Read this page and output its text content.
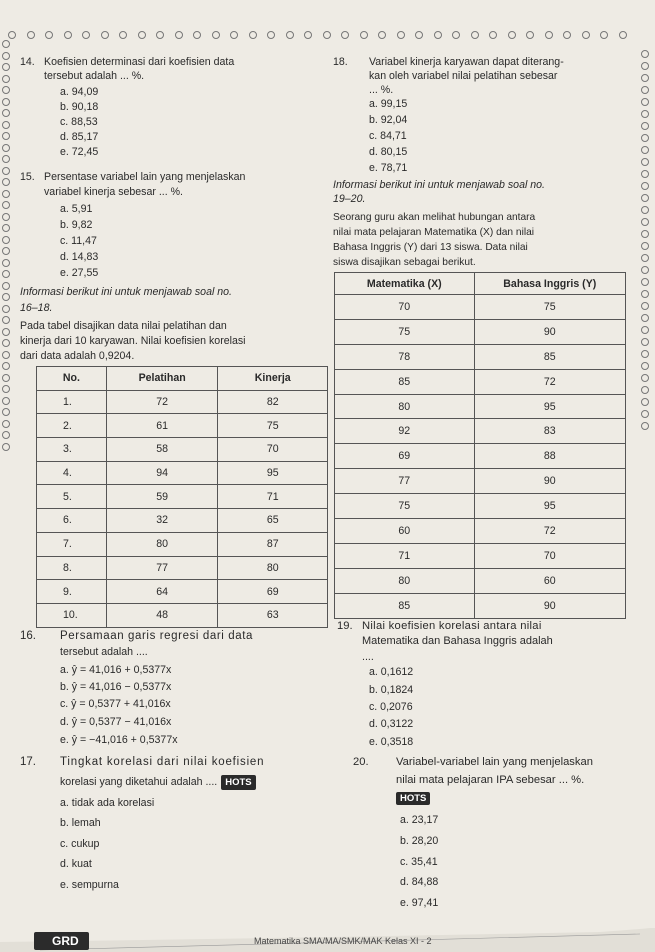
14. Koefisien determinasi dari koefisien data
tersebut adalah ... %.
a. 94,09
b. 90,18
c. 88,53
d. 85,17
e. 72,45
15. Persentase variabel lain yang menjelaskan
variabel kinerja sebesar ... %.
a. 5,91
b. 9,82
c. 11,47
d. 14,83
e. 27,55
Informasi berikut ini untuk menjawab soal no.
16–18.
Pada tabel disajikan data nilai pelatihan dan
kinerja dari 10 karyawan. Nilai koefisien korelasi
dari data adalah 0,9204.
No.	Pelatihan	Kinerja
1.	72	82
2.	61	75
3.	58	70
4.	94	95
5.	59	71
6.	32	65
7.	80	87
8.	77	80
9.	64	69
10.	48	63
16. Persamaan garis regresi dari data
tersebut adalah ....
a. ŷ = 41,016 + 0,5377x
b. ŷ = 41,016 − 0,5377x
c. ŷ = 0,5377 + 41,016x
d. ŷ = 0,5377 − 41,016x
e. ŷ = −41,016 + 0,5377x
17. Tingkat korelasi dari nilai koefisien
korelasi yang diketahui adalah .... HOTS
a. tidak ada korelasi
b. lemah
c. cukup
d. kuat
e. sempurna
18. Variabel kinerja karyawan dapat diterang-
kan oleh variabel nilai pelatihan sebesar
... %.
a. 99,15
b. 92,04
c. 84,71
d. 80,15
e. 78,71
Informasi berikut ini untuk menjawab soal no.
19–20.
Seorang guru akan melihat hubungan antara
nilai mata pelajaran Matematika (X) dan nilai
Bahasa Inggris (Y) dari 13 siswa. Data nilai
siswa disajikan sebagai berikut.
Matematika (X)	Bahasa Inggris (Y)
70	75
75	90
78	85
85	72
80	95
92	83
69	88
77	90
75	95
60	72
71	70
80	60
85	90
19. Nilai koefisien korelasi antara nilai
Matematika dan Bahasa Inggris adalah
....
a. 0,1612
b. 0,1824
c. 0,2076
d. 0,3122
e. 0,3518
20. Variabel-variabel lain yang menjelaskan
nilai mata pelajaran IPA sebesar ... %.
HOTS
a. 23,17
b. 28,20
c. 35,41
d. 84,88
e. 97,41
GRD	Matematika SMA/MA/SMK/MAK Kelas XI - 2
